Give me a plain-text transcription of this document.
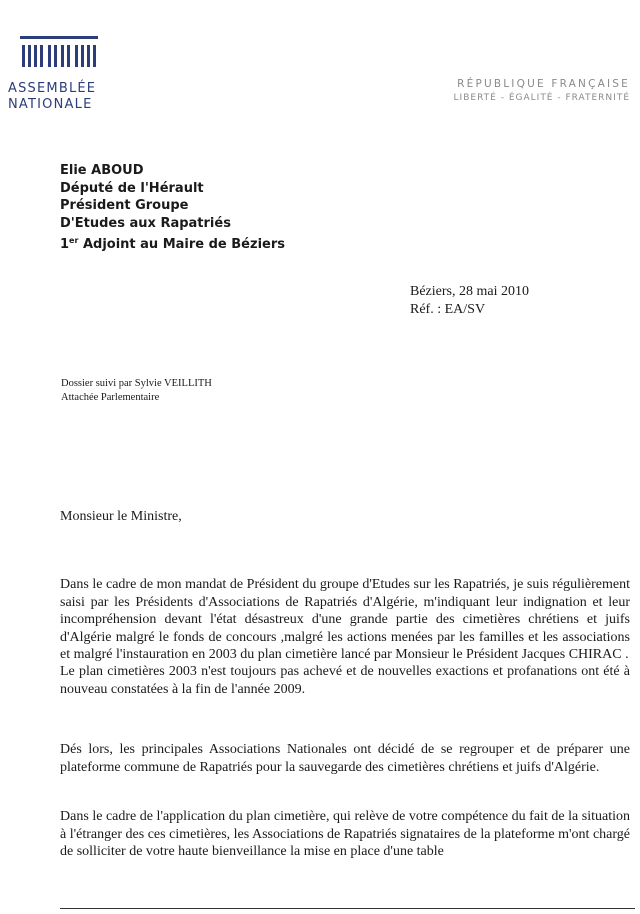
ASSEMBLÉE
NATIONALE
RÉPUBLIQUE FRANÇAISE
LIBERTÉ - ÉGALITÉ - FRATERNITÉ
Elie ABOUD
Député de l'Hérault
Président Groupe
D'Etudes aux Rapatriés
1er Adjoint au Maire de Béziers
Béziers, 28 mai 2010
Réf. : EA/SV
Dossier suivi par Sylvie VEILLITH
Attachée Parlementaire
Monsieur le Ministre,

Dans le cadre de mon mandat de Président du groupe d'Etudes sur les Rapatriés, je suis régulièrement saisi par les Présidents d'Associations de Rapatriés d'Algérie, m'indiquant leur indignation et leur incompréhension devant l'état désastreux d'une grande partie des cimetières chrétiens et juifs d'Algérie malgré le fonds de concours ,malgré les actions menées par les familles et les associations et malgré l'instauration en 2003 du plan cimetière lancé par Monsieur le Président Jacques CHIRAC .

Le plan cimetières 2003 n'est toujours pas achevé et de nouvelles exactions et profanations ont été à nouveau constatées à la fin de l'année 2009.

Dés lors, les principales Associations Nationales ont décidé de se regrouper et de préparer une plateforme commune de Rapatriés pour la sauvegarde des cimetières chrétiens et juifs d'Algérie.

Dans le cadre de l'application du plan cimetière, qui relève de votre compétence du fait de la situation à l'étranger des ces cimetières, les Associations de Rapatriés signataires de la plateforme m'ont chargé de solliciter de votre haute bienveillance la mise en place d'une table
